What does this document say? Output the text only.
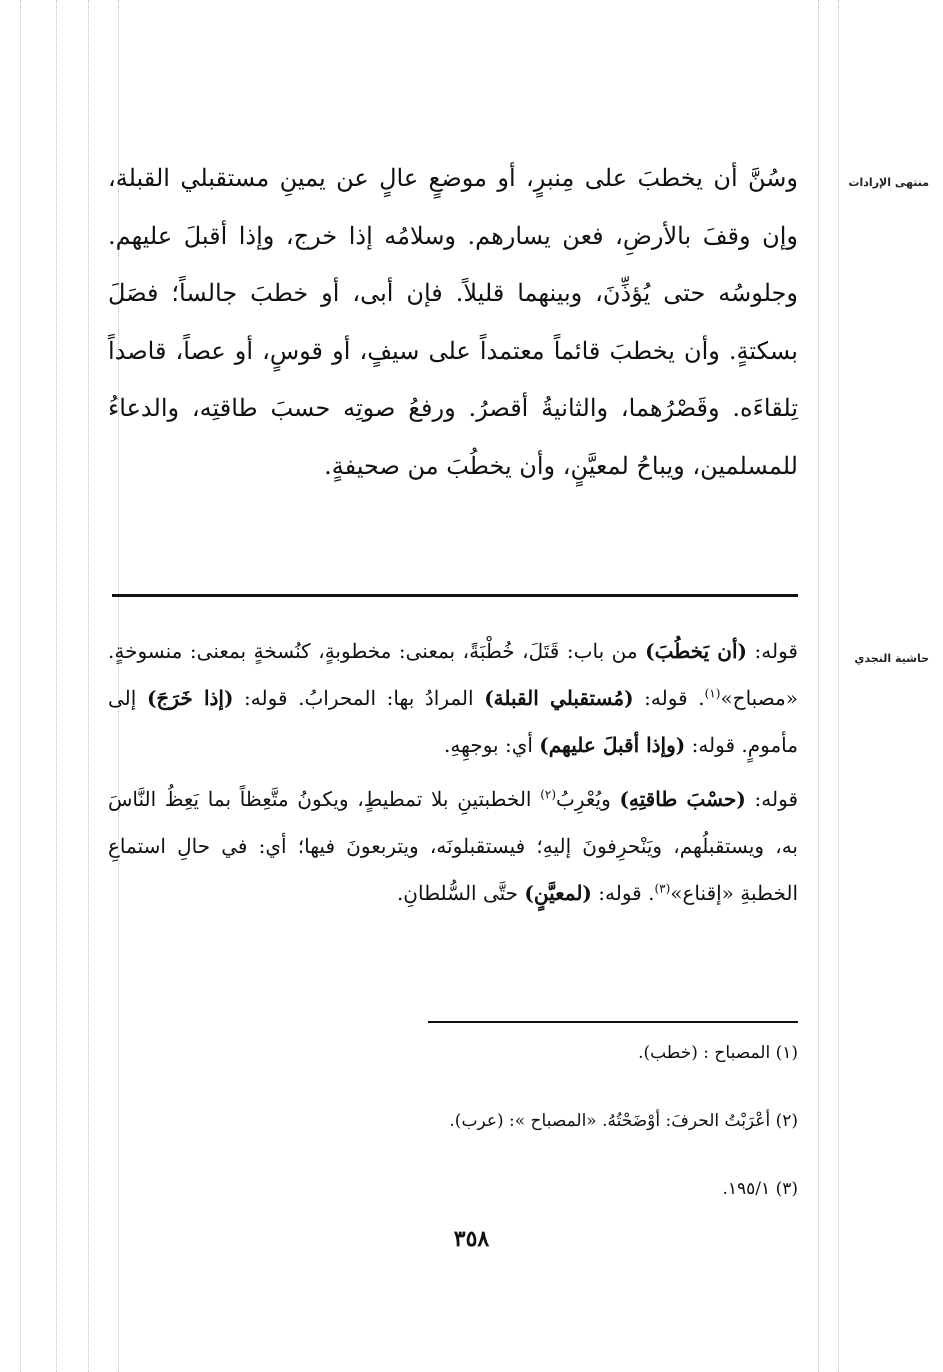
منتهى الإرادات
حاشية النجدي

وسُنَّ أن يخطبَ على مِنبرٍ، أو موضعٍ عالٍ عن يمينِ مستقبلي القبلة، وإن وقفَ بالأرضِ، فعن يسارهم. وسلامُه إذا خرج، وإذا أقبلَ عليهم. وجلوسُه حتى يُؤذِّنَ، وبينهما قليلاً. فإن أبى، أو خطبَ جالساً؛ فصَلَ بسكتةٍ. وأن يخطبَ قائماً معتمداً على سيفٍ، أو قوسٍ، أو عصاً، قاصداً تِلقاءَه. وقَصْرُهما، والثانيةُ أقصرُ. ورفعُ صوتِه حسبَ طاقتِه، والدعاءُ للمسلمين، ويباحُ لمعيَّنٍ، وأن يخطُبَ من صحيفةٍ.

قوله: (أن يَخطُبَ) من باب: قَتَلَ، خُطْبَةً، بمعنى: مخطوبةٍ، كنُسخةٍ بمعنى: منسوخةٍ. «مصباح»$^{(١)}$. قوله: (مُستقبلي القبلة) المرادُ بها: المحرابُ. قوله: (إذا خَرَجَ) إلى مأمومٍ. قوله: (وإذا أقبلَ عليهم) أي: بوجهِهِ.

قوله: (حسْبَ طاقتِهِ) ويُعْرِبُ$^{(٢)}$ الخطبتينِ بلا تمطيطٍ، ويكونُ متَّعِظاً بما يَعِظُ النَّاسَ به، ويستقبلُهم، ويَنْحرِفونَ إليهِ؛ فيستقبلونَه، ويتربعونَ فيها؛ أي: في حالِ استماعِ الخطبةِ «إقناع»$^{(٣)}$. قوله: (لمعيَّنٍ) حتَّى السُّلطانِ.

(١) المصباح : (خطب).

(٢) أعْرَبْتُ الحرفَ: أوْضَحْتُهُ. «المصباح »: (عرب).

(٣) ١٩٥/١.

٣٥٨
